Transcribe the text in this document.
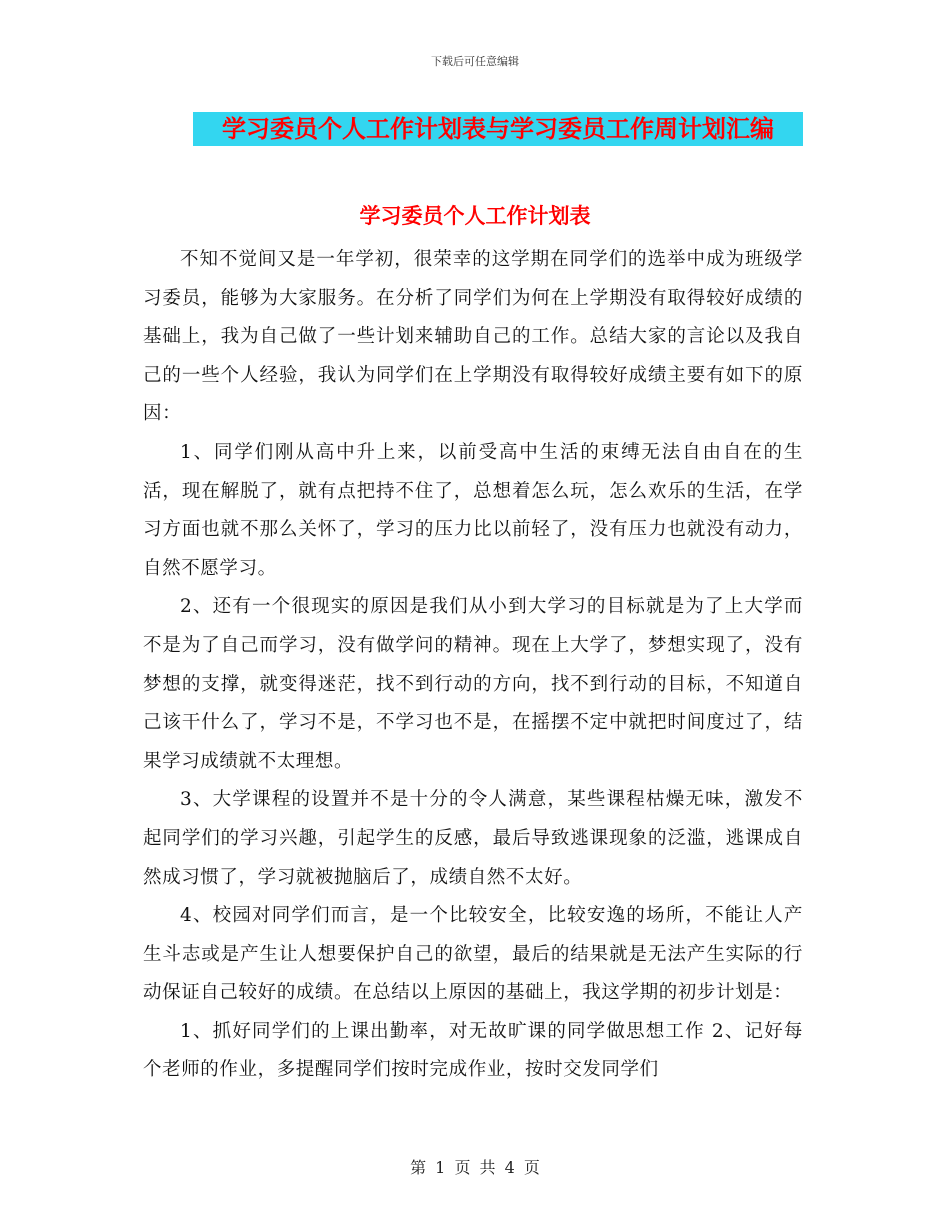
下载后可任意编辑
学习委员个人工作计划表与学习委员工作周计划汇编
学习委员个人工作计划表

不知不觉间又是一年学初，很荣幸的这学期在同学们的选举中成为班级学习委员，能够为大家服务。在分析了同学们为何在上学期没有取得较好成绩的基础上，我为自己做了一些计划来辅助自己的工作。总结大家的言论以及我自己的一些个人经验，我认为同学们在上学期没有取得较好成绩主要有如下的原因：

1、同学们刚从高中升上来，以前受高中生活的束缚无法自由自在的生活，现在解脱了，就有点把持不住了，总想着怎么玩，怎么欢乐的生活，在学习方面也就不那么关怀了，学习的压力比以前轻了，没有压力也就没有动力，自然不愿学习。

2、还有一个很现实的原因是我们从小到大学习的目标就是为了上大学而不是为了自己而学习，没有做学问的精神。现在上大学了，梦想实现了，没有梦想的支撑，就变得迷茫，找不到行动的方向，找不到行动的目标，不知道自己该干什么了，学习不是，不学习也不是，在摇摆不定中就把时间度过了，结果学习成绩就不太理想。

3、大学课程的设置并不是十分的令人满意，某些课程枯燥无味，激发不起同学们的学习兴趣，引起学生的反感，最后导致逃课现象的泛滥，逃课成自然成习惯了，学习就被抛脑后了，成绩自然不太好。

4、校园对同学们而言，是一个比较安全，比较安逸的场所，不能让人产生斗志或是产生让人想要保护自己的欲望，最后的结果就是无法产生实际的行动保证自己较好的成绩。在总结以上原因的基础上，我这学期的初步计划是：

1、抓好同学们的上课出勤率，对无故旷课的同学做思想工作 2、记好每个老师的作业，多提醒同学们按时完成作业，按时交发同学们

第 1 页 共 4 页
